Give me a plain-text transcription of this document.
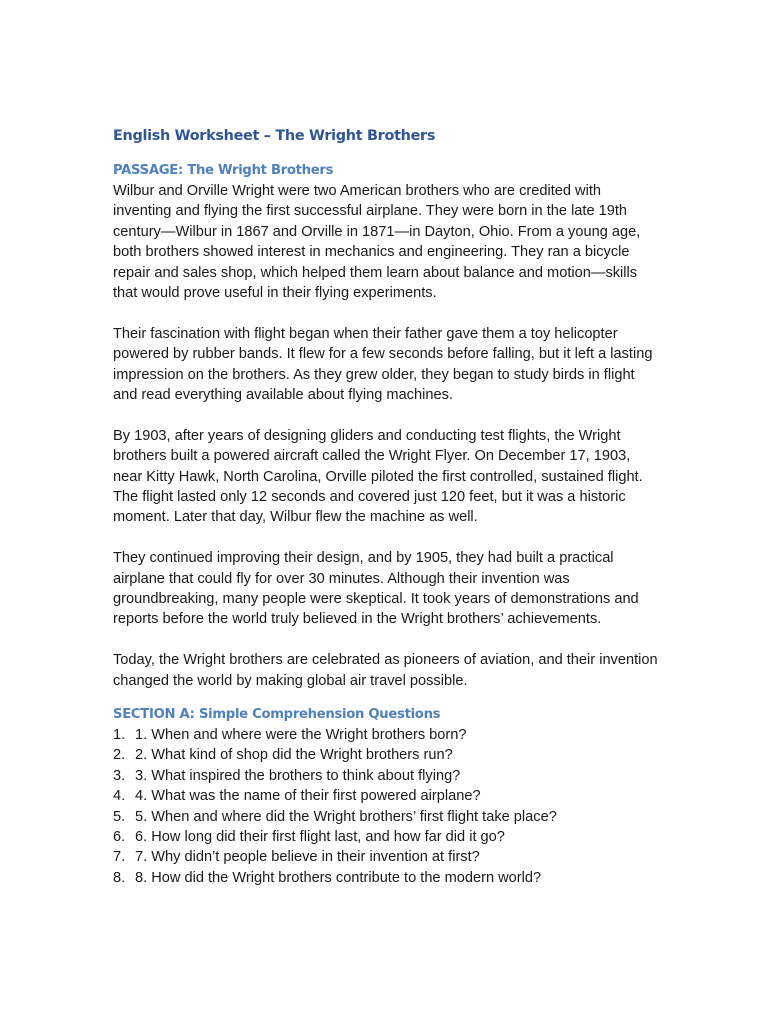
English Worksheet – The Wright Brothers
PASSAGE: The Wright Brothers

Wilbur and Orville Wright were two American brothers who are credited with inventing and flying the first successful airplane. They were born in the late 19th century—Wilbur in 1867 and Orville in 1871—in Dayton, Ohio. From a young age, both brothers showed interest in mechanics and engineering. They ran a bicycle repair and sales shop, which helped them learn about balance and motion—skills that would prove useful in their flying experiments.

Their fascination with flight began when their father gave them a toy helicopter powered by rubber bands. It flew for a few seconds before falling, but it left a lasting impression on the brothers. As they grew older, they began to study birds in flight and read everything available about flying machines.

By 1903, after years of designing gliders and conducting test flights, the Wright brothers built a powered aircraft called the Wright Flyer. On December 17, 1903, near Kitty Hawk, North Carolina, Orville piloted the first controlled, sustained flight. The flight lasted only 12 seconds and covered just 120 feet, but it was a historic moment. Later that day, Wilbur flew the machine as well.

They continued improving their design, and by 1905, they had built a practical airplane that could fly for over 30 minutes. Although their invention was groundbreaking, many people were skeptical. It took years of demonstrations and reports before the world truly believed in the Wright brothers’ achievements.

Today, the Wright brothers are celebrated as pioneers of aviation, and their invention changed the world by making global air travel possible.

SECTION A: Simple Comprehension Questions
1. 1. When and where were the Wright brothers born?
2. 2. What kind of shop did the Wright brothers run?
3. 3. What inspired the brothers to think about flying?
4. 4. What was the name of their first powered airplane?
5. 5. When and where did the Wright brothers’ first flight take place?
6. 6. How long did their first flight last, and how far did it go?
7. 7. Why didn’t people believe in their invention at first?
8. 8. How did the Wright brothers contribute to the modern world?
